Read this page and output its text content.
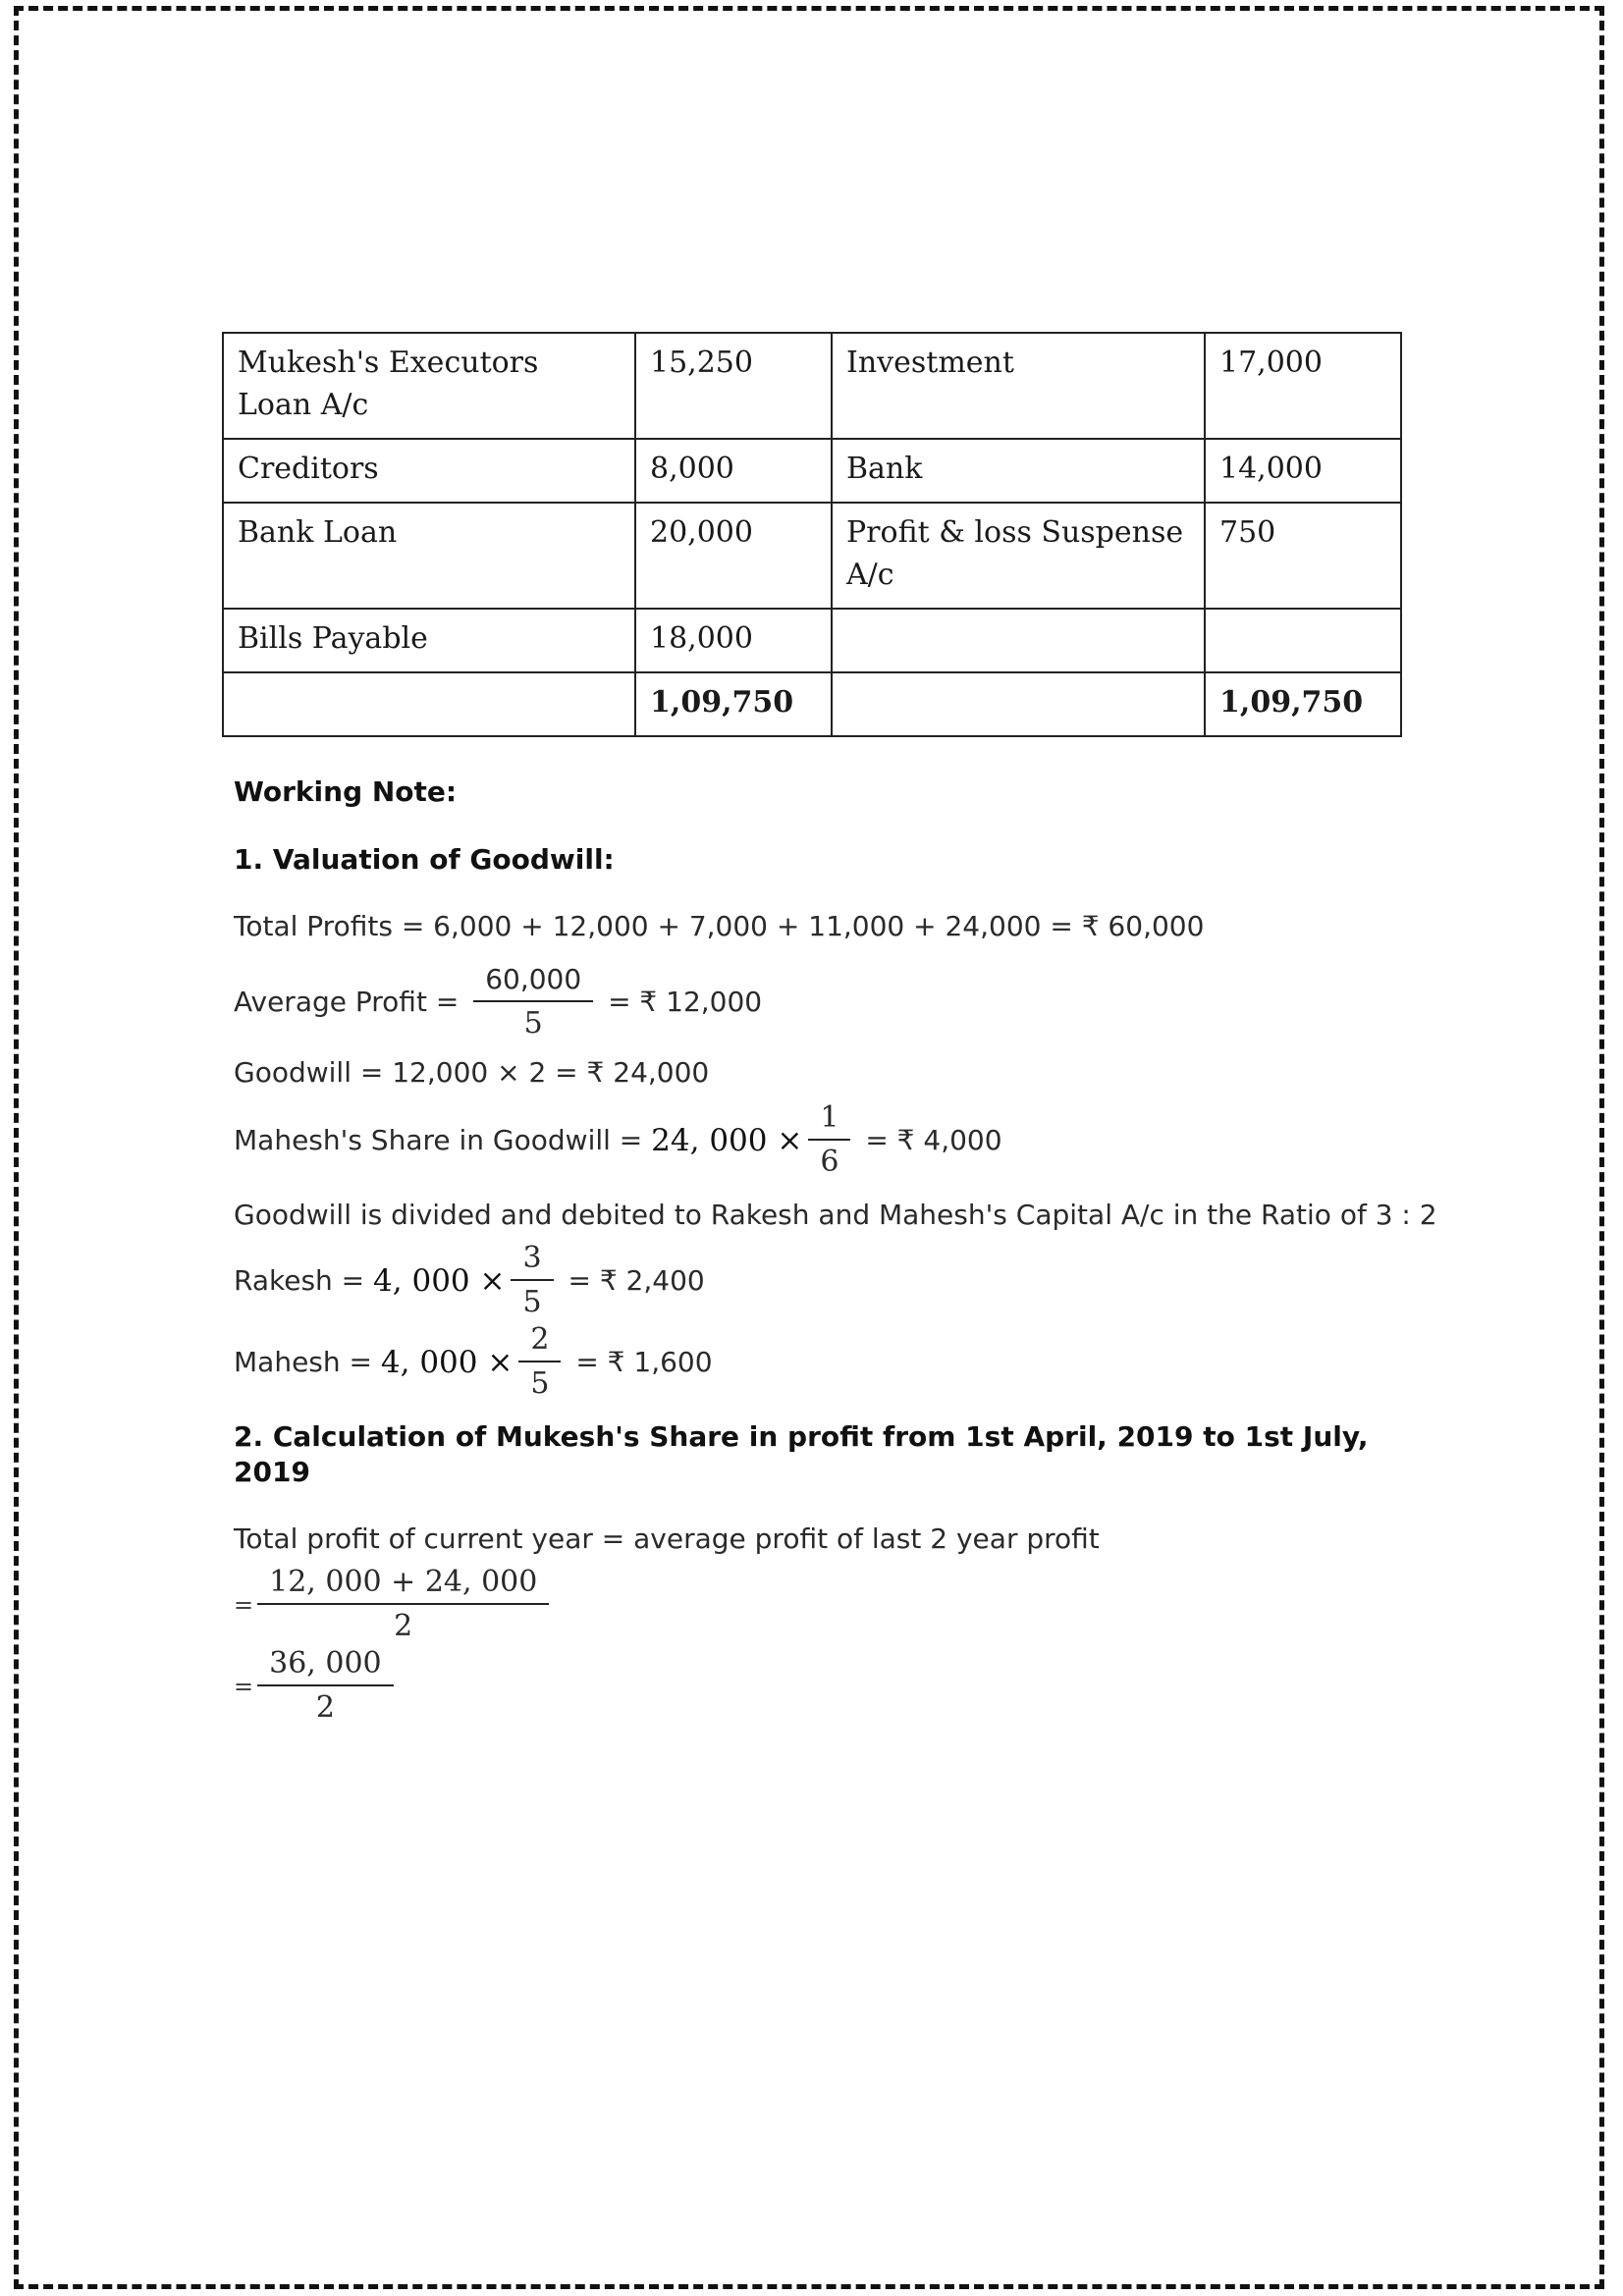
Mukesh's Executors Loan A/c	15,250	Investment	17,000
Creditors	8,000	Bank	14,000
Bank Loan	20,000	Profit & loss Suspense A/c	750
Bills Payable	18,000		
	1,09,750		1,09,750

Working Note:

1. Valuation of Goodwill:

Total Profits = 6,000 + 12,000 + 7,000 + 11,000 + 24,000 = ₹ 60,000
Average Profit = $\frac{60,000}{5}$ = ₹ 12,000
Goodwill = 12,000 × 2 = ₹ 24,000
Mahesh's Share in Goodwill = 24, $000 \times \frac{1}{6}$ = ₹ 4,000
Goodwill is divided and debited to Rakesh and Mahesh's Capital A/c in the Ratio of 3 : 2
Rakesh = 4, $000 \times \frac{3}{5}$ = ₹ 2,400
Mahesh = 4, $000 \times \frac{2}{5}$ = ₹ 1,600

2. Calculation of Mukesh's Share in profit from 1st April, 2019 to 1st July, 2019

Total profit of current year = average profit of last 2 year profit
= $\frac{12, 000 + 24, 000}{2}$
= $\frac{36, 000}{2}$
